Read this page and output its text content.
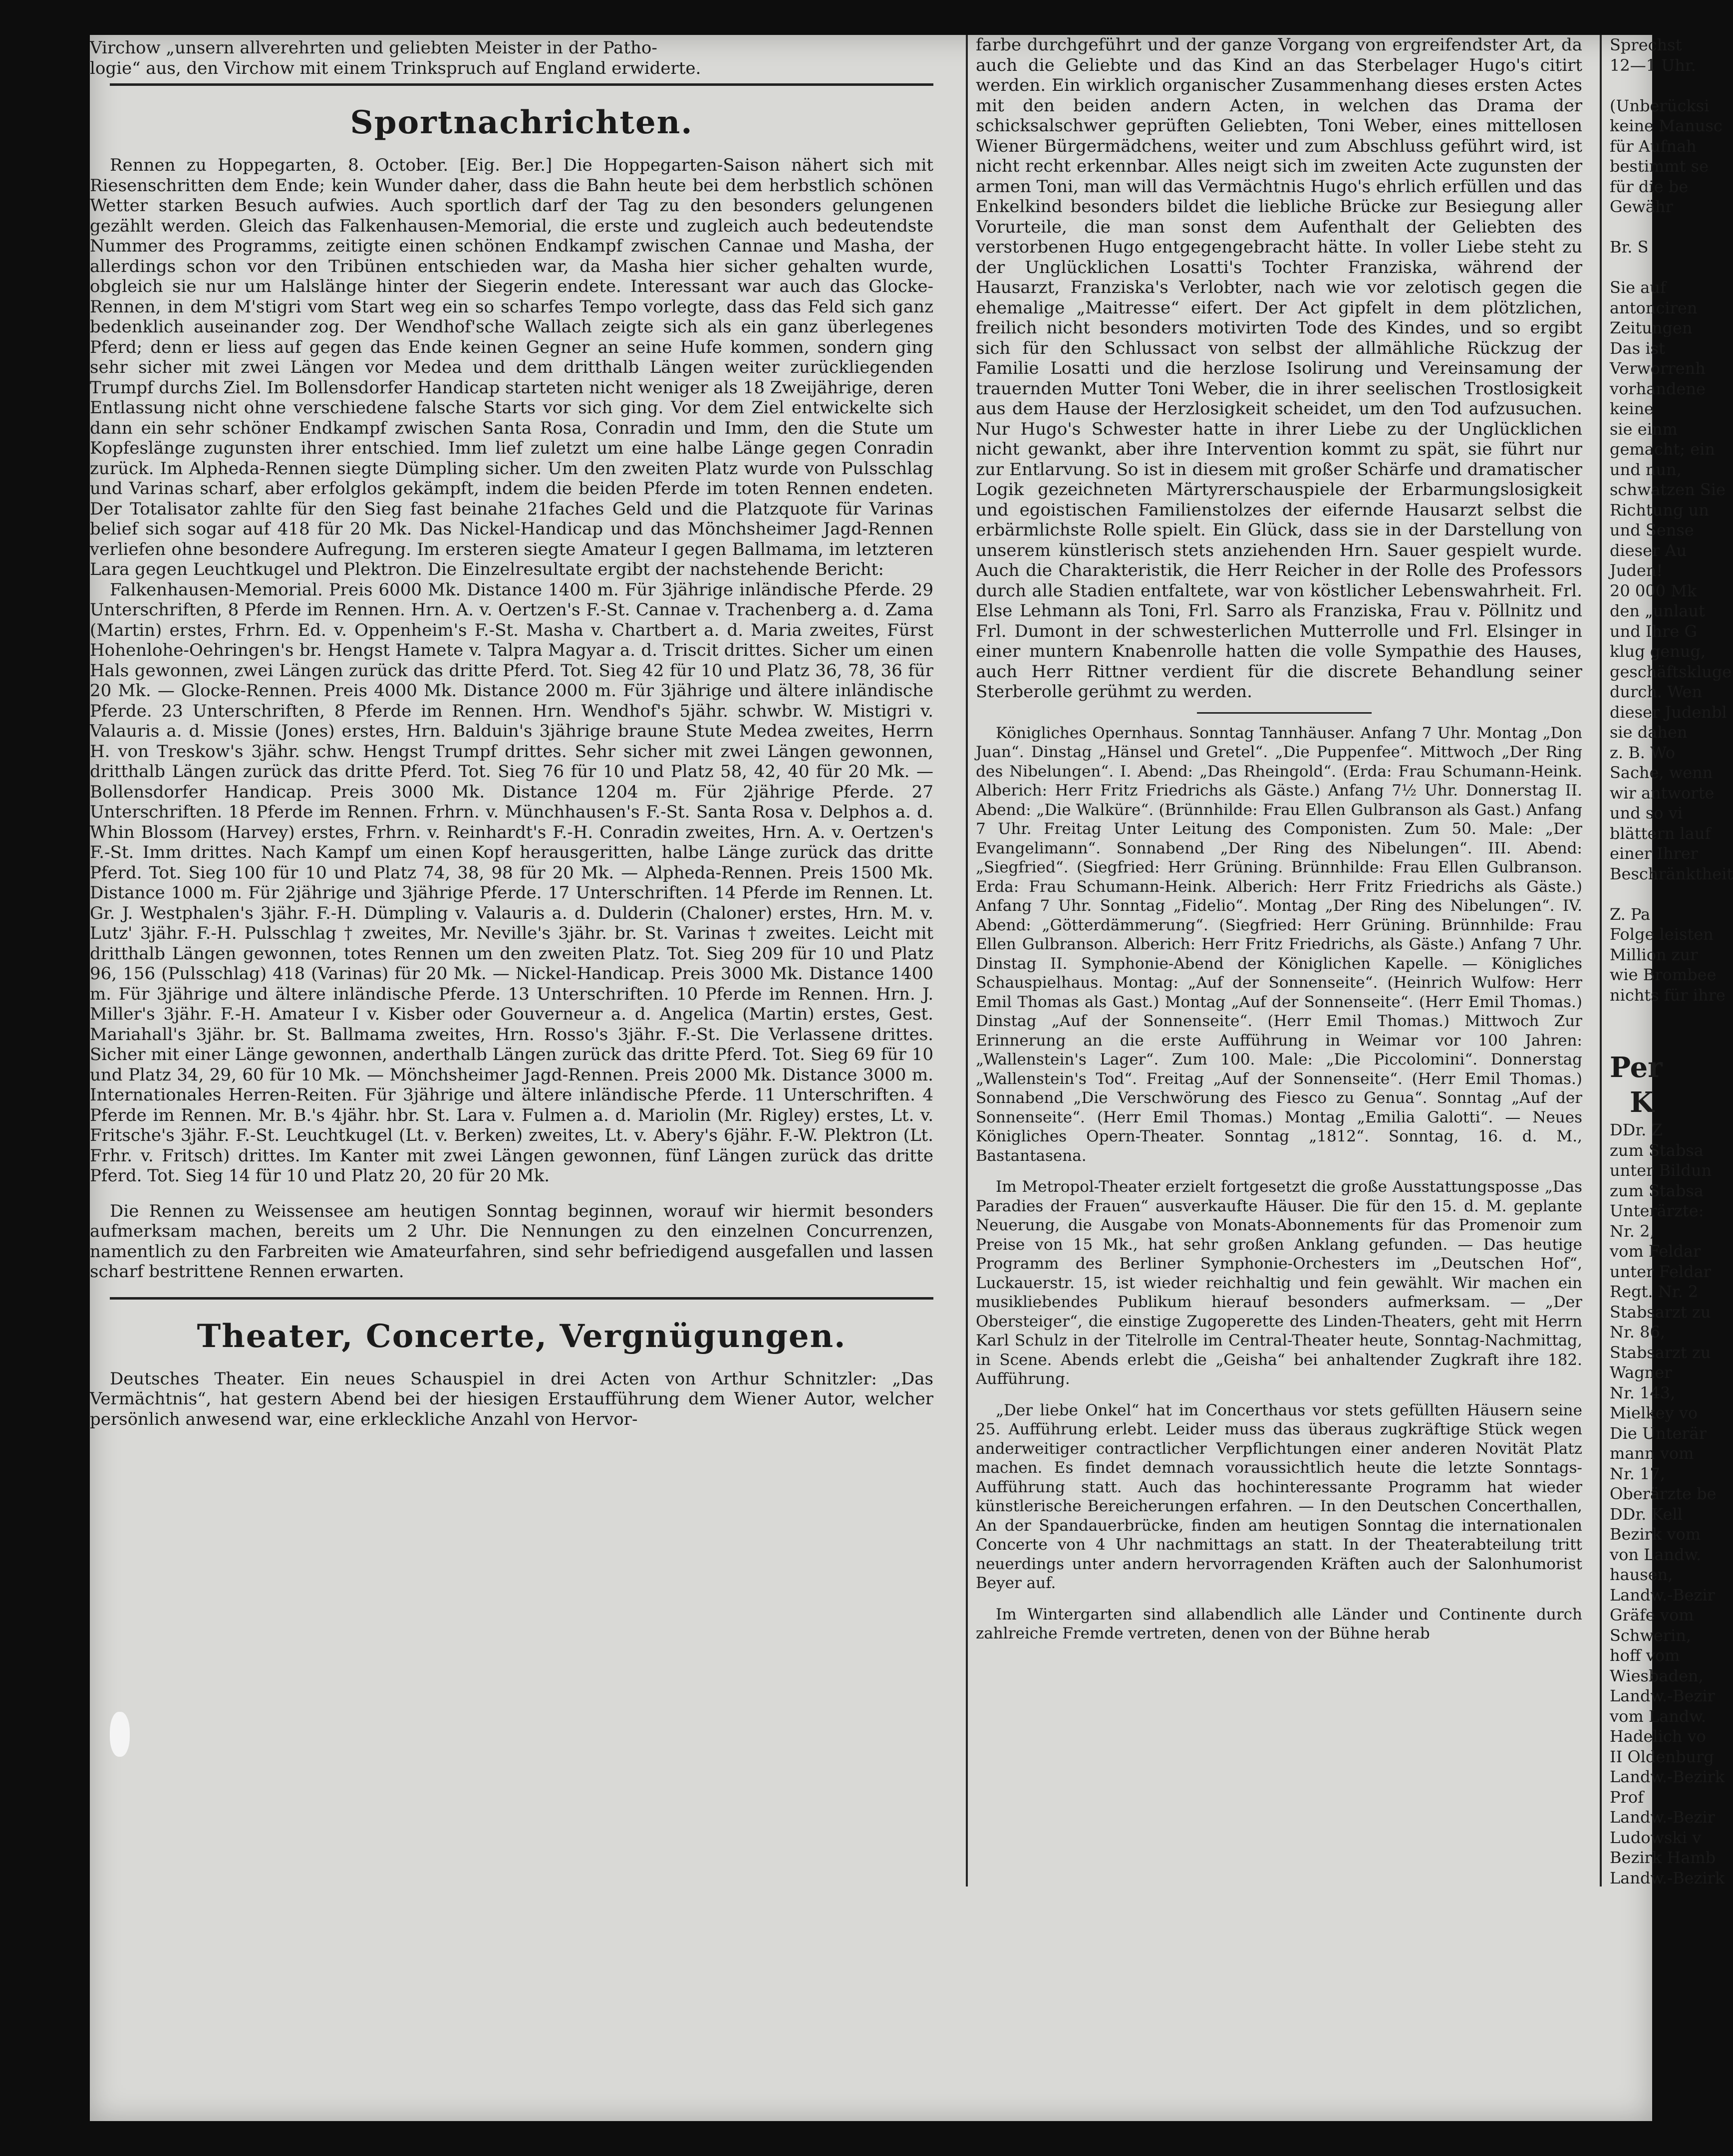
Virchow „unsern allverehrten und geliebten Meister in der Patho-
logie“ aus, den Virchow mit einem Trinkspruch auf England erwiderte.
Sportnachrichten.

Rennen zu Hoppegarten, 8. October. [Eig. Ber.] Die Hoppegarten-Saison nähert sich mit Riesenschritten dem Ende; kein Wunder daher, dass die Bahn heute bei dem herbstlich schönen Wetter starken Besuch aufwies. Auch sportlich darf der Tag zu den besonders gelungenen gezählt werden. Gleich das Falkenhausen-Memorial, die erste und zugleich auch bedeutendste Nummer des Programms, zeitigte einen schönen Endkampf zwischen Cannae und Masha, der allerdings schon vor den Tribünen entschieden war, da Masha hier sicher gehalten wurde, obgleich sie nur um Halslänge hinter der Siegerin endete. Interessant war auch das Glocke-Rennen, in dem M'stigri vom Start weg ein so scharfes Tempo vorlegte, dass das Feld sich ganz bedenklich auseinander zog. Der Wendhof'sche Wallach zeigte sich als ein ganz überlegenes Pferd; denn er liess auf gegen das Ende keinen Gegner an seine Hufe kommen, sondern ging sehr sicher mit zwei Längen vor Medea und dem dritthalb Längen weiter zurückliegenden Trumpf durchs Ziel. Im Bollensdorfer Handicap starteten nicht weniger als 18 Zweijährige, deren Entlassung nicht ohne verschiedene falsche Starts vor sich ging. Vor dem Ziel entwickelte sich dann ein sehr schöner Endkampf zwischen Santa Rosa, Conradin und Imm, den die Stute um Kopfeslänge zugunsten ihrer entschied. Imm lief zuletzt um eine halbe Länge gegen Conradin zurück. Im Alpheda-Rennen siegte Dümpling sicher. Um den zweiten Platz wurde von Pulsschlag und Varinas scharf, aber erfolglos gekämpft, indem die beiden Pferde im toten Rennen endeten. Der Totalisator zahlte für den Sieg fast beinahe 21faches Geld und die Platzquote für Varinas belief sich sogar auf 418 für 20 Mk. Das Nickel-Handicap und das Mönchsheimer Jagd-Rennen verliefen ohne besondere Aufregung. Im ersteren siegte Amateur I gegen Ballmama, im letzteren Lara gegen Leuchtkugel und Plektron. Die Einzelresultate ergibt der nachstehende Bericht:

Falkenhausen-Memorial. Preis 6000 Mk. Distance 1400 m. Für 3jährige inländische Pferde. 29 Unterschriften, 8 Pferde im Rennen. Hrn. A. v. Oertzen's F.-St. Cannae v. Trachenberg a. d. Zama (Martin) erstes, Frhrn. Ed. v. Oppenheim's F.-St. Masha v. Chartbert a. d. Maria zweites, Fürst Hohenlohe-Oehringen's br. Hengst Hamete v. Talpra Magyar a. d. Triscit drittes. Sicher um einen Hals gewonnen, zwei Längen zurück das dritte Pferd. Tot. Sieg 42 für 10 und Platz 36, 78, 36 für 20 Mk. — Glocke-Rennen. Preis 4000 Mk. Distance 2000 m. Für 3jährige und ältere inländische Pferde. 23 Unterschriften, 8 Pferde im Rennen. Hrn. Wendhof's 5jähr. schwbr. W. Mistigri v. Valauris a. d. Missie (Jones) erstes, Hrn. Balduin's 3jährige braune Stute Medea zweites, Herrn H. von Treskow's 3jähr. schw. Hengst Trumpf drittes. Sehr sicher mit zwei Längen gewonnen, dritthalb Längen zurück das dritte Pferd. Tot. Sieg 76 für 10 und Platz 58, 42, 40 für 20 Mk. — Bollensdorfer Handicap. Preis 3000 Mk. Distance 1204 m. Für 2jährige Pferde. 27 Unterschriften. 18 Pferde im Rennen. Frhrn. v. Münchhausen's F.-St. Santa Rosa v. Delphos a. d. Whin Blossom (Harvey) erstes, Frhrn. v. Reinhardt's F.-H. Conradin zweites, Hrn. A. v. Oertzen's F.-St. Imm drittes. Nach Kampf um einen Kopf herausgeritten, halbe Länge zurück das dritte Pferd. Tot. Sieg 100 für 10 und Platz 74, 38, 98 für 20 Mk. — Alpheda-Rennen. Preis 1500 Mk. Distance 1000 m. Für 2jährige und 3jährige Pferde. 17 Unterschriften. 14 Pferde im Rennen. Lt. Gr. J. Westphalen's 3jähr. F.-H. Dümpling v. Valauris a. d. Dulderin (Chaloner) erstes, Hrn. M. v. Lutz' 3jähr. F.-H. Pulsschlag † zweites, Mr. Neville's 3jähr. br. St. Varinas † zweites. Leicht mit dritthalb Längen gewonnen, totes Rennen um den zweiten Platz. Tot. Sieg 209 für 10 und Platz 96, 156 (Pulsschlag) 418 (Varinas) für 20 Mk. — Nickel-Handicap. Preis 3000 Mk. Distance 1400 m. Für 3jährige und ältere inländische Pferde. 13 Unterschriften. 10 Pferde im Rennen. Hrn. J. Miller's 3jähr. F.-H. Amateur I v. Kisber oder Gouverneur a. d. Angelica (Martin) erstes, Gest. Mariahall's 3jähr. br. St. Ballmama zweites, Hrn. Rosso's 3jähr. F.-St. Die Verlassene drittes. Sicher mit einer Länge gewonnen, anderthalb Längen zurück das dritte Pferd. Tot. Sieg 69 für 10 und Platz 34, 29, 60 für 10 Mk. — Mönchsheimer Jagd-Rennen. Preis 2000 Mk. Distance 3000 m. Internationales Herren-Reiten. Für 3jährige und ältere inländische Pferde. 11 Unterschriften. 4 Pferde im Rennen. Mr. B.'s 4jähr. hbr. St. Lara v. Fulmen a. d. Mariolin (Mr. Rigley) erstes, Lt. v. Fritsche's 3jähr. F.-St. Leuchtkugel (Lt. v. Berken) zweites, Lt. v. Abery's 6jähr. F.-W. Plektron (Lt. Frhr. v. Fritsch) drittes. Im Kanter mit zwei Längen gewonnen, fünf Längen zurück das dritte Pferd. Tot. Sieg 14 für 10 und Platz 20, 20 für 20 Mk.

Die Rennen zu Weissensee am heutigen Sonntag beginnen, worauf wir hiermit besonders aufmerksam machen, bereits um 2 Uhr. Die Nennungen zu den einzelnen Concurrenzen, namentlich zu den Farbreiten wie Amateurfahren, sind sehr befriedigend ausgefallen und lassen scharf bestrittene Rennen erwarten.

Theater, Concerte, Vergnügungen.

Deutsches Theater. Ein neues Schauspiel in drei Acten von Arthur Schnitzler: „Das Vermächtnis“, hat gestern Abend bei der hiesigen Erstaufführung dem Wiener Autor, welcher persönlich anwesend war, eine erkleckliche Anzahl von Hervor-

farbe durchgeführt und der ganze Vorgang von ergreifendster Art, da auch die Geliebte und das Kind an das Sterbelager Hugo's citirt werden. Ein wirklich organischer Zusammenhang dieses ersten Actes mit den beiden andern Acten, in welchen das Drama der schicksalschwer geprüften Geliebten, Toni Weber, eines mittellosen Wiener Bürgermädchens, weiter und zum Abschluss geführt wird, ist nicht recht erkennbar. Alles neigt sich im zweiten Acte zugunsten der armen Toni, man will das Vermächtnis Hugo's ehrlich erfüllen und das Enkelkind besonders bildet die liebliche Brücke zur Besiegung aller Vorurteile, die man sonst dem Aufenthalt der Geliebten des verstorbenen Hugo entgegengebracht hätte. In voller Liebe steht zu der Unglücklichen Losatti's Tochter Franziska, während der Hausarzt, Franziska's Verlobter, nach wie vor zelotisch gegen die ehemalige „Maitresse“ eifert. Der Act gipfelt in dem plötzlichen, freilich nicht besonders motivirten Tode des Kindes, und so ergibt sich für den Schlussact von selbst der allmähliche Rückzug der Familie Losatti und die herzlose Isolirung und Vereinsamung der trauernden Mutter Toni Weber, die in ihrer seelischen Trostlosigkeit aus dem Hause der Herzlosigkeit scheidet, um den Tod aufzusuchen. Nur Hugo's Schwester hatte in ihrer Liebe zu der Unglücklichen nicht gewankt, aber ihre Intervention kommt zu spät, sie führt nur zur Entlarvung. So ist in diesem mit großer Schärfe und dramatischer Logik gezeichneten Märtyrerschauspiele der Erbarmungslosigkeit und egoistischen Familienstolzes der eifernde Hausarzt selbst die erbärmlichste Rolle spielt. Ein Glück, dass sie in der Darstellung von unserem künstlerisch stets anziehenden Hrn. Sauer gespielt wurde. Auch die Charakteristik, die Herr Reicher in der Rolle des Professors durch alle Stadien entfaltete, war von köstlicher Lebenswahrheit. Frl. Else Lehmann als Toni, Frl. Sarro als Franziska, Frau v. Pöllnitz und Frl. Dumont in der schwesterlichen Mutterrolle und Frl. Elsinger in einer muntern Knabenrolle hatten die volle Sympathie des Hauses, auch Herr Rittner verdient für die discrete Behandlung seiner Sterberolle gerühmt zu werden.

Königliches Opernhaus. Sonntag Tannhäuser. Anfang 7 Uhr. Montag „Don Juan“. Dinstag „Hänsel und Gretel“. „Die Puppenfee“. Mittwoch „Der Ring des Nibelungen“. I. Abend: „Das Rheingold“. (Erda: Frau Schumann-Heink. Alberich: Herr Fritz Friedrichs als Gäste.) Anfang 7½ Uhr. Donnerstag II. Abend: „Die Walküre“. (Brünnhilde: Frau Ellen Gulbranson als Gast.) Anfang 7 Uhr. Freitag Unter Leitung des Componisten. Zum 50. Male: „Der Evangelimann“. Sonnabend „Der Ring des Nibelungen“. III. Abend: „Siegfried“. (Siegfried: Herr Grüning. Brünnhilde: Frau Ellen Gulbranson. Erda: Frau Schumann-Heink. Alberich: Herr Fritz Friedrichs als Gäste.) Anfang 7 Uhr. Sonntag „Fidelio“. Montag „Der Ring des Nibelungen“. IV. Abend: „Götterdämmerung“. (Siegfried: Herr Grüning. Brünnhilde: Frau Ellen Gulbranson. Alberich: Herr Fritz Friedrichs, als Gäste.) Anfang 7 Uhr. Dinstag II. Symphonie-Abend der Königlichen Kapelle. — Königliches Schauspielhaus. Montag: „Auf der Sonnenseite“. (Heinrich Wulfow: Herr Emil Thomas als Gast.) Montag „Auf der Sonnenseite“. (Herr Emil Thomas.) Dinstag „Auf der Sonnenseite“. (Herr Emil Thomas.) Mittwoch Zur Erinnerung an die erste Aufführung in Weimar vor 100 Jahren: „Wallenstein's Lager“. Zum 100. Male: „Die Piccolomini“. Donnerstag „Wallenstein's Tod“. Freitag „Auf der Sonnenseite“. (Herr Emil Thomas.) Sonnabend „Die Verschwörung des Fiesco zu Genua“. Sonntag „Auf der Sonnenseite“. (Herr Emil Thomas.) Montag „Emilia Galotti“. — Neues Königliches Opern-Theater. Sonntag „1812“. Sonntag, 16. d. M., Bastantasena.

Im Metropol-Theater erzielt fortgesetzt die große Ausstattungsposse „Das Paradies der Frauen“ ausverkaufte Häuser. Die für den 15. d. M. geplante Neuerung, die Ausgabe von Monats-Abonnements für das Promenoir zum Preise von 15 Mk., hat sehr großen Anklang gefunden. — Das heutige Programm des Berliner Symphonie-Orchesters im „Deutschen Hof“, Luckauerstr. 15, ist wieder reichhaltig und fein gewählt. Wir machen ein musikliebendes Publikum hierauf besonders aufmerksam. — „Der Obersteiger“, die einstige Zugoperette des Linden-Theaters, geht mit Herrn Karl Schulz in der Titelrolle im Central-Theater heute, Sonntag-Nachmittag, in Scene. Abends erlebt die „Geisha“ bei anhaltender Zugkraft ihre 182. Aufführung.

„Der liebe Onkel“ hat im Concerthaus vor stets gefüllten Häusern seine 25. Aufführung erlebt. Leider muss das überaus zugkräftige Stück wegen anderweitiger contractlicher Verpflichtungen einer anderen Novität Platz machen. Es findet demnach voraussichtlich heute die letzte Sonntags-Aufführung statt. Auch das hochinteressante Programm hat wieder künstlerische Bereicherungen erfahren. — In den Deutschen Concerthallen, An der Spandauerbrücke, finden am heutigen Sonntag die internationalen Concerte von 4 Uhr nachmittags an statt. In der Theaterabteilung tritt neuerdings unter andern hervorragenden Kräften auch der Salonhumorist Beyer auf.

Im Wintergarten sind allabendlich alle Länder und Continente durch zahlreiche Fremde vertreten, denen von der Bühne herab

Sprechst
12—1 Uhr.

(Unberücksi
keine Manusc
für Aufnah
bestimmt se
für die be
Gewähr

Br. S

Sie auf
antonciren
Zeitungen
Das ist
Verworrenh
vorhandene
keine
sie einm
gemacht; ein
und nun,
schwatzen Sie
Richtung un
und Sense
dieser Au
Juden!
20 000 Mk
den „unlaut
und Ihre G
klug genug,
geschäftskluge
durch. Wen
dieser Judenbl
sie dahen
z. B. Wo
Sache, wenn
wir antworte
und so vi
blättern lauf
einer Ihrer
Beschränktheit

Z. Pa
Folge leisten
Million zur
wie Brombee
nichts für ihre
Per
K
DDr. Z
zum Stabsa
unter Bildun
zum Stabsa
Unterärzte:
Nr. 2,
vom Feldar
unter Feldar
Regt. Nr. 2
Stabsarzt zu
Nr. 86,
Stabsarzt zu
Wagner
Nr. 143,
Mielkey vo
Die Unterär
mann vom
Nr. 17,
Oberärzte be
DDr. Kell
Bezirk vom
von Landw.
hausen,
Landw.-Bezir
Gräfe vom
Schwerin,
hoff vom
Wiesbaden,
Landw.-Bezir
vom Landw.
Hadelich vo
II Oldenburg
Landw.-Bezirk
Prof
Landw.-Bezir
Ludowski v
Bezirk Hamb
Landw.-Bezirk
